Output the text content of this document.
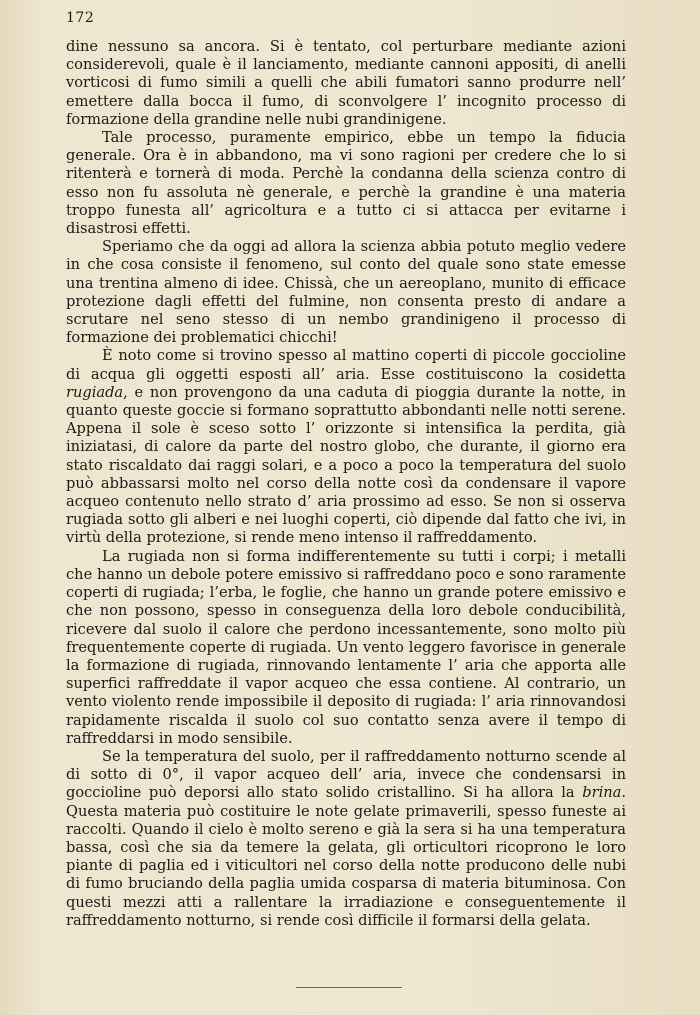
172

dine nessuno sa ancora. Si è tentato, col perturbare mediante azioni considerevoli, quale è il lanciamento, mediante cannoni appositi, di anelli vorticosi di fumo simili a quelli che abili fumatori sanno produrre nell’ emettere dalla bocca il fumo, di sconvolgere l’ incognito processo di formazione della grandine nelle nubi grandinigene.

Tale processo, puramente empirico, ebbe un tempo la fiducia generale. Ora è in abbandono, ma vi sono ragioni per credere che lo si ritenterà e tornerà di moda. Perchè la condanna della scienza contro di esso non fu assoluta nè generale, e perchè la grandine è una materia troppo funesta all’ agricoltura e a tutto ci si attacca per evitarne i disastrosi effetti.

Speriamo che da oggi ad allora la scienza abbia potuto meglio vedere in che cosa consiste il fenomeno, sul conto del quale sono state emesse una trentina almeno di idee. Chissà, che un aereoplano, munito di efficace protezione dagli effetti del fulmine, non consenta presto di andare a scrutare nel seno stesso di un nembo grandinigeno il processo di formazione dei problematici chicchi!

È noto come si trovino spesso al mattino coperti di piccole goccioline di acqua gli oggetti esposti all’ aria. Esse costituiscono la cosidetta rugiada, e non provengono da una caduta di pioggia durante la notte, in quanto queste goccie si formano soprattutto abbondanti nelle notti serene. Appena il sole è sceso sotto l’ orizzonte si intensifica la perdita, già iniziatasi, di calore da parte del nostro globo, che durante, il giorno era stato riscaldato dai raggi solari, e a poco a poco la temperatura del suolo può abbassarsi molto nel corso della notte così da condensare il vapore acqueo contenuto nello strato d’ aria prossimo ad esso. Se non si osserva rugiada sotto gli alberi e nei luoghi coperti, ciò dipende dal fatto che ivi, in virtù della protezione, si rende meno intenso il raffreddamento.

La rugiada non si forma indifferentemente su tutti i corpi; i metalli che hanno un debole potere emissivo si raffreddano poco e sono raramente coperti di rugiada; l’erba, le foglie, che hanno un grande potere emissivo e che non possono, spesso in conseguenza della loro debole conducibilità, ricevere dal suolo il calore che perdono incessantemente, sono molto più frequentemente coperte di rugiada. Un vento leggero favorisce in generale la formazione di rugiada, rinnovando lentamente l’ aria che apporta alle superfici raffreddate il vapor acqueo che essa contiene. Al contrario, un vento violento rende impossibile il deposito di rugiada: l’ aria rinnovandosi rapidamente riscalda il suolo col suo contatto senza avere il tempo di raffreddarsi in modo sensibile.

Se la temperatura del suolo, per il raffreddamento notturno scende al di sotto di 0°, il vapor acqueo dell’ aria, invece che condensarsi in goccioline può deporsi allo stato solido cristallino. Si ha allora la brina. Questa materia può costituire le note gelate primaverili, spesso funeste ai raccolti. Quando il cielo è molto sereno e già la sera si ha una temperatura bassa, così che sia da temere la gelata, gli orticultori ricoprono le loro piante di paglia ed i viticultori nel corso della notte producono delle nubi di fumo bruciando della paglia umida cosparsa di materia bituminosa. Con questi mezzi atti a rallentare la irradiazione e conseguentemente il raffreddamento notturno, si rende così difficile il formarsi della gelata.
